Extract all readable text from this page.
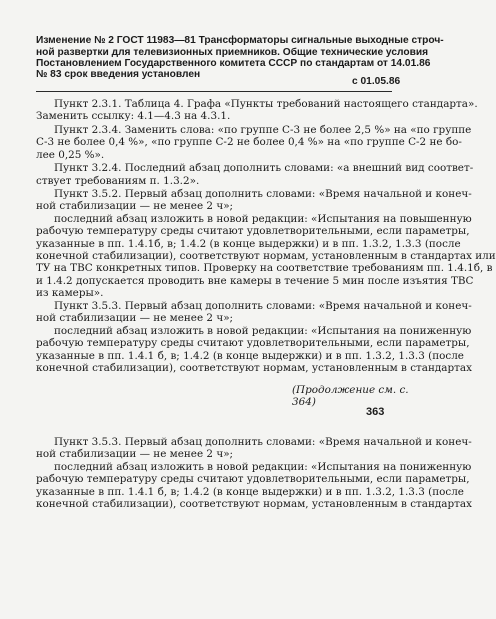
Изменение № 2 ГОСТ 11983—81 Трансформаторы сигнальные выходные строч-
ной развертки для телевизионных приемников. Общие технические условия
Постановлением Государственного комитета СССР по стандартам от 14.01.86
№ 83 срок введения установлен
с 01.05.86
Пункт 2.3.1. Таблица 4. Графа «Пункты требований настоящего стандарта».
Заменить ссылку: 4.1—4.3 на 4.3.1.
Пункт 2.3.4. Заменить слова: «по группе С-3 не более 2,5 %» на «по группе
С-3 не более 0,4 %», «по группе С-2 не более 0,4 %» на «по группе С-2 не бо-
лее 0,25 %».
Пункт 3.2.4. Последний абзац дополнить словами: «а внешний вид соответ-
ствует требованиям п. 1.3.2».
Пункт 3.5.2. Первый абзац дополнить словами: «Время начальной и конеч-
ной стабилизации — не менее 2 ч»;
последний абзац изложить в новой редакции: «Испытания на повышенную
рабочую температуру среды считают удовлетворительными, если параметры,
указанные в пп. 1.4.1б, в; 1.4.2 (в конце выдержки) и в пп. 1.3.2, 1.3.3 (после
конечной стабилизации), соответствуют нормам, установленным в стандартах или
ТУ на ТВС конкретных типов. Проверку на соответствие требованиям пп. 1.4.1б, в
и 1.4.2 допускается проводить вне камеры в течение 5 мин после изъятия ТВС
из камеры».
Пункт 3.5.3. Первый абзац дополнить словами: «Время начальной и конеч-
ной стабилизации — не менее 2 ч»;
последний абзац изложить в новой редакции: «Испытания на пониженную
рабочую температуру среды считают удовлетворительными, если параметры,
указанные в пп. 1.4.1 б, в; 1.4.2 (в конце выдержки) и в пп. 1.3.2, 1.3.3 (после
конечной стабилизации), соответствуют нормам, установленным в стандартах
(Продолжение см. с. 364)
363
Пункт 3.5.3. Первый абзац дополнить словами: «Время начальной и конеч-
ной стабилизации — не менее 2 ч»;
последний абзац изложить в новой редакции: «Испытания на пониженную
рабочую температуру среды считают удовлетворительными, если параметры,
указанные в пп. 1.4.1 б, в; 1.4.2 (в конце выдержки) и в пп. 1.3.2, 1.3.3 (после
конечной стабилизации), соответствуют нормам, установленным в стандартах
